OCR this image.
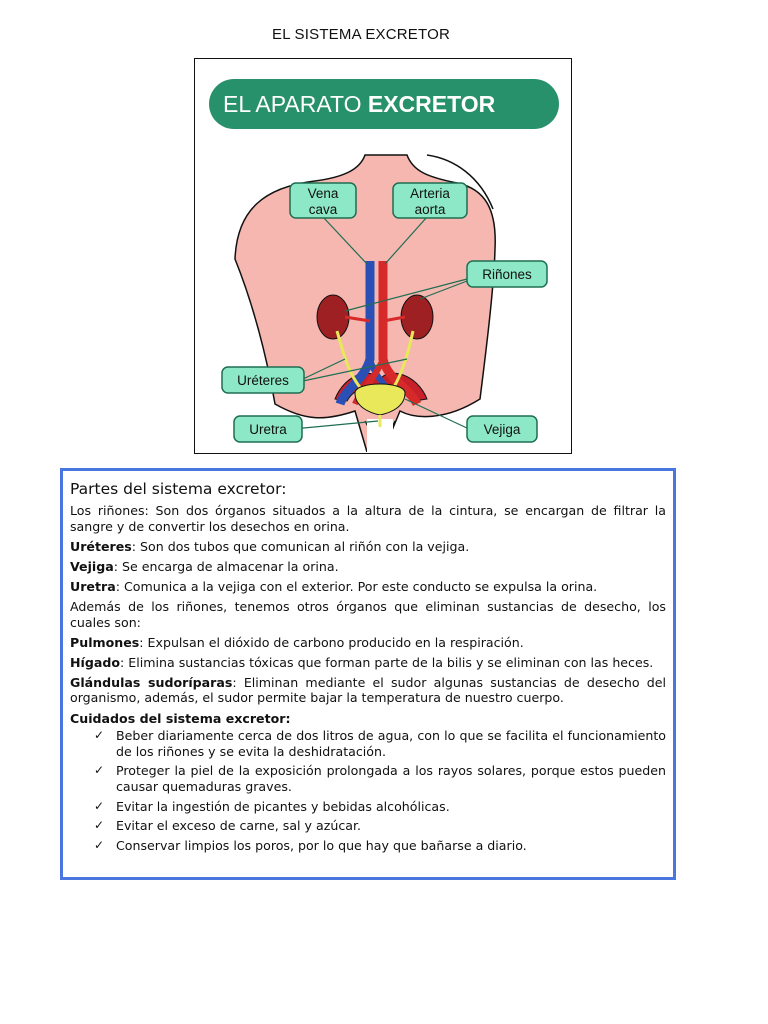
EL SISTEMA EXCRETOR
EL APARATO EXCRETOR
Vena
cava
Arteria
aorta
Riñones
Uréteres
Uretra	Vejiga
Partes del sistema excretor:

Los riñones: Son dos órganos situados a la altura de la cintura, se encargan de filtrar la sangre y de convertir los desechos en orina.

Uréteres: Son dos tubos que comunican al riñón con la vejiga.

Vejiga: Se encarga de almacenar la orina.

Uretra: Comunica a la vejiga con el exterior. Por este conducto se expulsa la orina.

Además de los riñones, tenemos otros órganos que eliminan sustancias de desecho, los cuales son:

Pulmones: Expulsan el dióxido de carbono producido en la respiración.

Hígado: Elimina sustancias tóxicas que forman parte de la bilis y se eliminan con las heces.

Glándulas sudoríparas: Eliminan mediante el sudor algunas sustancias de desecho del organismo, además, el sudor permite bajar la temperatura de nuestro cuerpo.

Cuidados del sistema excretor:
✓ Beber diariamente cerca de dos litros de agua, con lo que se facilita el funcionamiento de los riñones y se evita la deshidratación.
✓ Proteger la piel de la exposición prolongada a los rayos solares, porque estos pueden causar quemaduras graves.
✓ Evitar la ingestión de picantes y bebidas alcohólicas.
✓ Evitar el exceso de carne, sal y azúcar.
✓ Conservar limpios los poros, por lo que hay que bañarse a diario.
